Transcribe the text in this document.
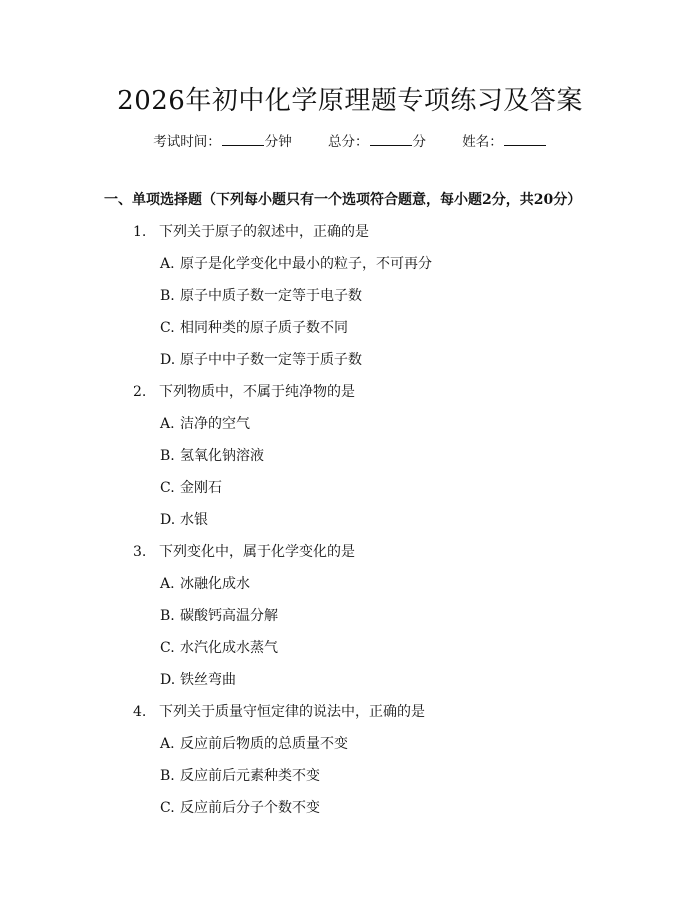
2026年初中化学原理题专项练习及答案
考试时间：	分钟	总分：	分	姓名：
一、单项选择题（下列每小题只有一个选项符合题意，每小题2分，共20分）
1. 下列关于原子的叙述中，正确的是
A. 原子是化学变化中最小的粒子，不可再分
B. 原子中质子数一定等于电子数
C. 相同种类的原子质子数不同
D. 原子中中子数一定等于质子数
2. 下列物质中，不属于纯净物的是
A. 洁净的空气
B. 氢氧化钠溶液
C. 金刚石
D. 水银
3. 下列变化中，属于化学变化的是
A. 冰融化成水
B. 碳酸钙高温分解
C. 水汽化成水蒸气
D. 铁丝弯曲
4. 下列关于质量守恒定律的说法中，正确的是
A. 反应前后物质的总质量不变
B. 反应前后元素种类不变
C. 反应前后分子个数不变
